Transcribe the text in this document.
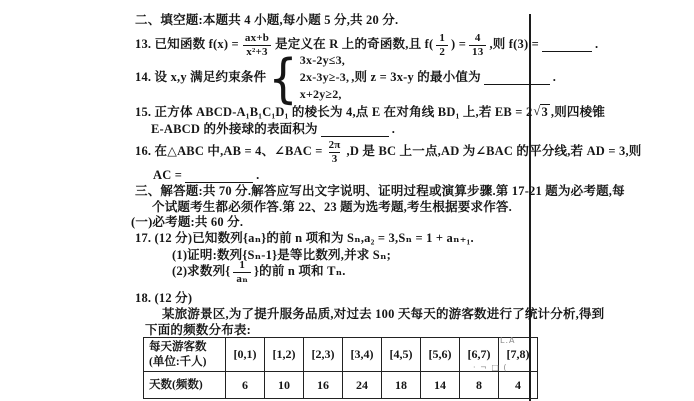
二、填空题:本题共 4 小题,每小题 5 分,共 20 分.
13. 已知函数 $f(x) = \frac{ax+b}{\text{x²+3}}$ 是定义在 R 上的奇函数,且 $f( \frac{1}{2}$ ) = $\frac{4}{13}$ ,则 f(3) =	.
14. 设 x,y 满足约束条件 { 3x-2y≤3,
2x-3y≥-3,
x+2y≥2,
,则 z = 3x-y 的最小值为	.
15. 正方体 ABCD-A₁B₁C₁D₁ 的棱长为 4,点 E 在对角线 BD₁ 上,若 EB = 2 √ 3 ,则四棱锥
E-ABCD 的外接球的表面积为	.
16. 在△ABC 中,AB = 4、∠BAC = $\frac{2\pi}{3} ,D$ 是 BC 上一点,AD 为∠BAC 的平分线,若 AD = 3,则
AC =	.
三、解答题:共 70 分.解答应写出文字说明、证明过程或演算步骤.第 17-21 题为必考题,每
个试题考生都必须作答.第 22、23 题为选考题,考生根据要求作答.
(一)必考题:共 60 分.
17. (12 分)已知数列{aₙ}的前 n 项和为 Sₙ,a₂ = 3,Sₙ = 1 + aₙ₊₁.
(1)证明:数列{Sₙ-1}是等比数列,并求 Sₙ;
(2)求数列{ $\frac{1}{\text{aₙ}}$ }的前 n 项和 Tₙ.
18. (12 分)
某旅游景区,为了提升服务品质,对过去 100 天每天的游客数进行了统计分析,得到
下面的频数分布表:
每天游客数
(单位:千人)	[0,1)	[1,2)	[2,3)	[3,4)	[4,5)	[5,6)	[6,7)	[7,8)
天数(频数)	6	10	16	24	18	14	8	4
L.A
· ¬ □ (
